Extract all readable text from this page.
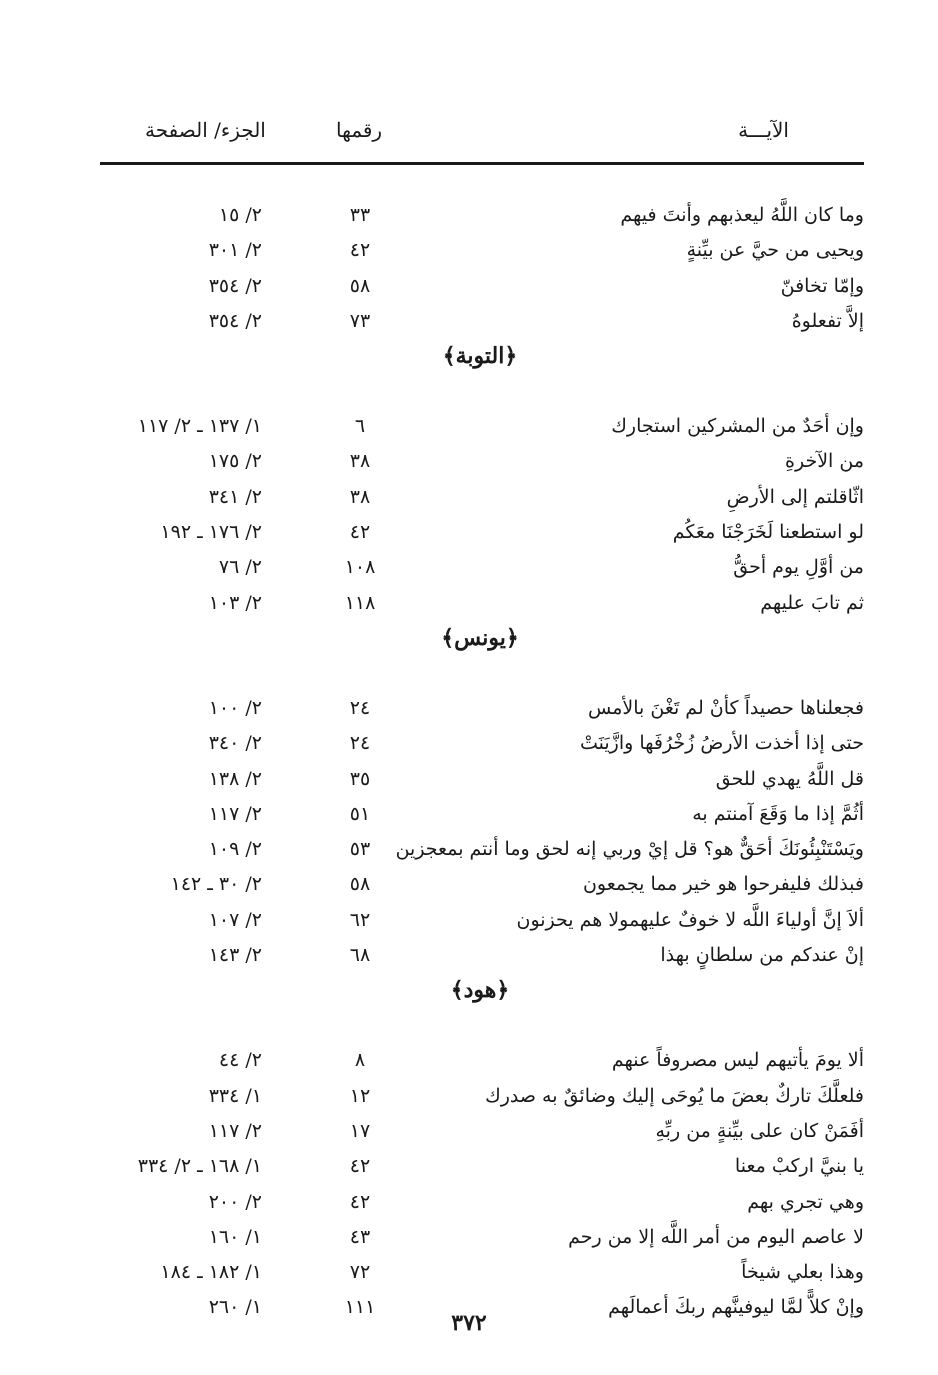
الآيـــة
رقمها
الجزء/ الصفحة
وما كان اللَّهُ ليعذبهم وأنتَ فيهم
٣٣
٢/ ١٥
ويحيى من حيَّ عن بيِّنةٍ
٤٢
٢/ ٣٠١
وإمّا تخافنّ
٥٨
٢/ ٣٥٤
إلاَّ تفعلوهُ
٧٣
٢/ ٣٥٤
﴿التوبة﴾
وإن أحَدٌ من المشركين استجارك
٦
١/ ١٣٧ ـ ٢/ ١١٧
من الآخرةِ
٣٨
٢/ ١٧٥
اثّاقلتم إلى الأرضِ
٣٨
٢/ ٣٤١
لو استطعنا لَخَرَجْنَا معَكُم
٤٢
٢/ ١٧٦ ـ ١٩٢
من أوَّلِ يوم أحقُّ
١٠٨
٢/ ٧٦
ثم تابَ عليهم
١١٨
٢/ ١٠٣
﴿يونس﴾
فجعلناها حصيداً كأنْ لم تَغْنَ بالأمس
٢٤
٢/ ١٠٠
حتى إذا أخذت الأرضُ زُخْرُفَها وازَّيَنَتْ
٢٤
٢/ ٣٤٠
قل اللَّهُ يهدي للحق
٣٥
٢/ ١٣٨
أثُمَّ إذا ما وَقَعَ آمنتم به
٥١
٢/ ١١٧
ويَسْتَنْبِئُونَكَ أحَقٌّ هو؟ قل إيْ وربي إنه لحق وما أنتم بمعجزين
٥٣
٢/ ١٠٩
فبذلك فليفرحوا هو خير مما يجمعون
٥٨
٢/ ٣٠ ـ ١٤٢
ألاَ إنَّ أولياءَ اللَّه لا خوفٌ عليهمولا هم يحزنون
٦٢
٢/ ١٠٧
إنْ عندكم من سلطانٍ بهذا
٦٨
٢/ ١٤٣
﴿هود﴾
ألا يومَ يأتيهم ليس مصروفاً عنهم
٨
٢/ ٤٤
فلعلَّكَ تاركٌ بعضَ ما يُوحَى إليك وضائقٌ به صدرك
١٢
١/ ٣٣٤
أفَمَنْ كان على بيِّنةٍ من ربِّهِ
١٧
٢/ ١١٧
يا بنيَّ اركبْ معنا
٤٢
١/ ١٦٨ ـ ٢/ ٣٣٤
وهي تجري بهم
٤٢
٢/ ٢٠٠
لا عاصم اليوم من أمر اللَّه إلا من رحم
٤٣
١/ ١٦٠
وهذا بعلي شيخاً
٧٢
١/ ١٨٢ ـ ١٨٤
وإنْ كلاًّ لمَّا ليوفينَّهم ربكَ أعمالَهم
١١١
١/ ٢٦٠
٣٧٢
